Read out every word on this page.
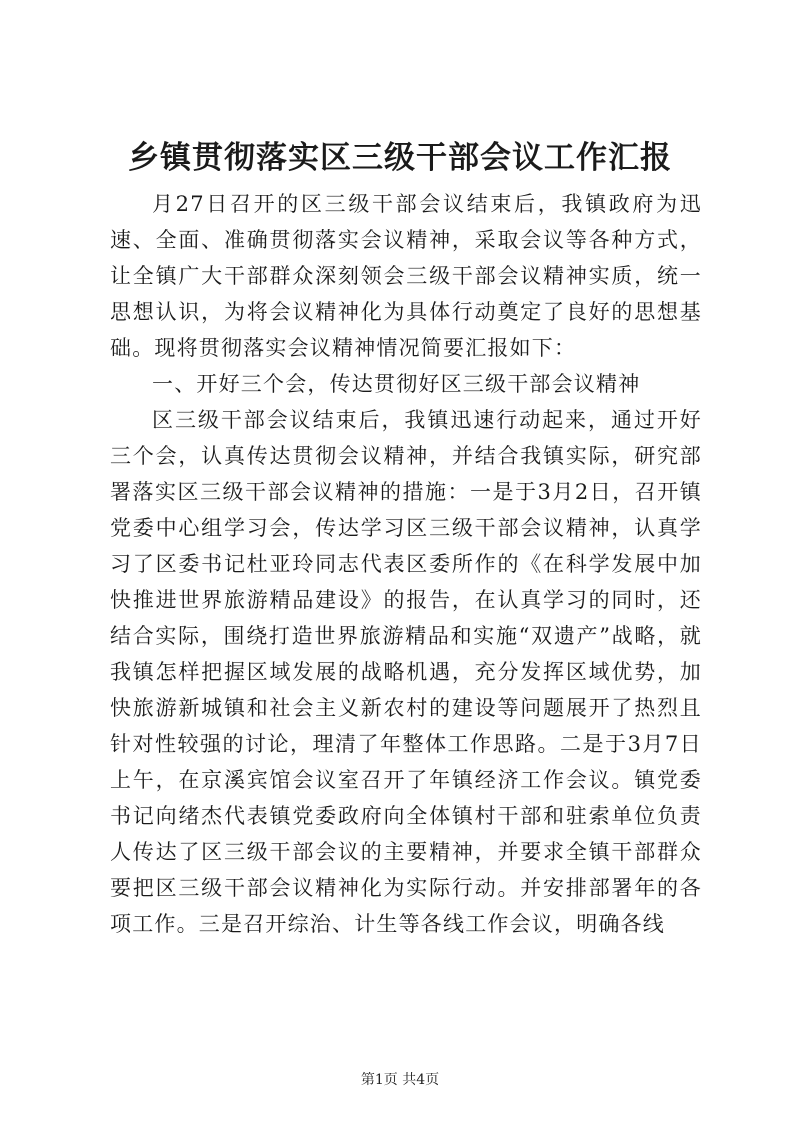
乡镇贯彻落实区三级干部会议工作汇报

月27日召开的区三级干部会议结束后，我镇政府为迅速、全面、准确贯彻落实会议精神，采取会议等各种方式，让全镇广大干部群众深刻领会三级干部会议精神实质，统一思想认识，为将会议精神化为具体行动奠定了良好的思想基础。现将贯彻落实会议精神情况简要汇报如下：

一、开好三个会，传达贯彻好区三级干部会议精神

区三级干部会议结束后，我镇迅速行动起来，通过开好三个会，认真传达贯彻会议精神，并结合我镇实际，研究部署落实区三级干部会议精神的措施：一是于3月2日，召开镇党委中心组学习会，传达学习区三级干部会议精神，认真学习了区委书记杜亚玲同志代表区委所作的《在科学发展中加快推进世界旅游精品建设》的报告，在认真学习的同时，还结合实际，围绕打造世界旅游精品和实施“双遗产”战略，就我镇怎样把握区域发展的战略机遇，充分发挥区域优势，加快旅游新城镇和社会主义新农村的建设等问题展开了热烈且针对性较强的讨论，理清了年整体工作思路。二是于3月7日上午，在京溪宾馆会议室召开了年镇经济工作会议。镇党委书记向绪杰代表镇党委政府向全体镇村干部和驻索单位负责人传达了区三级干部会议的主要精神，并要求全镇干部群众要把区三级干部会议精神化为实际行动。并安排部署年的各项工作。三是召开综治、计生等各线工作会议，明确各线

第1页 共4页
